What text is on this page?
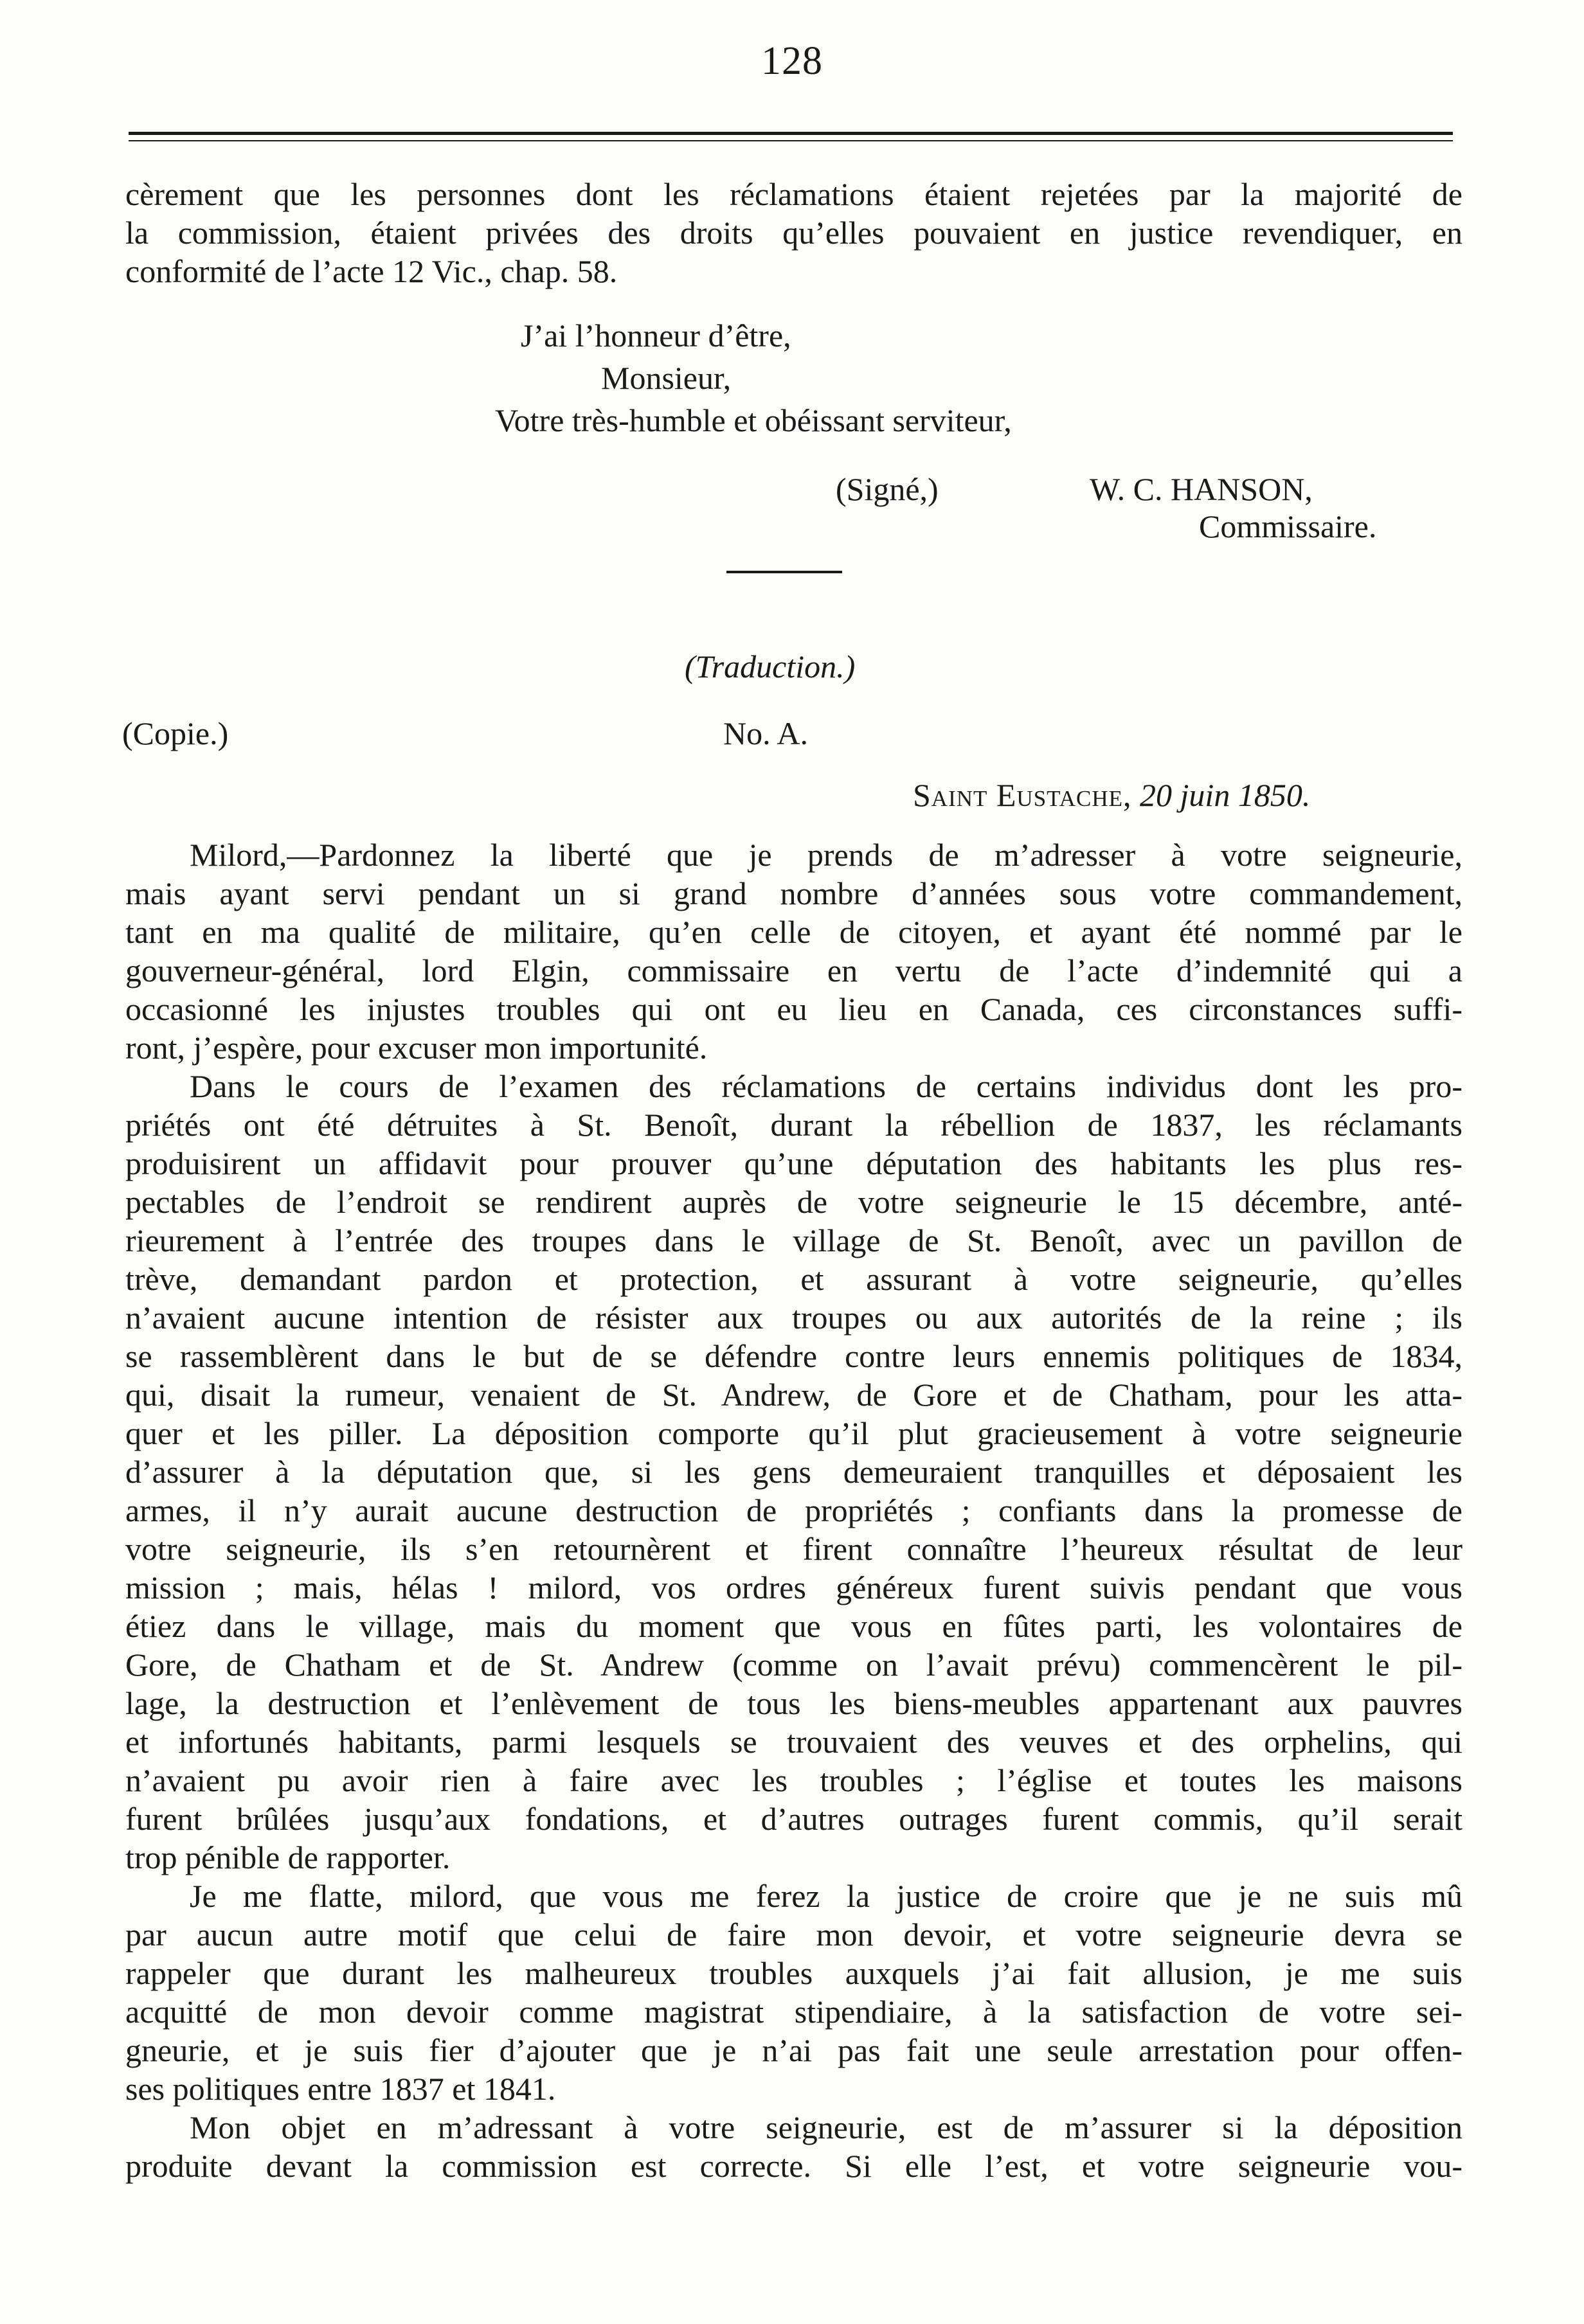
128
cèrement que les personnes dont les réclamations étaient rejetées par la majorité de
la commission, étaient privées des droits qu’elles pouvaient en justice revendiquer, en
conformité de l’acte 12 Vic., chap. 58.
J’ai l’honneur d’être,
Monsieur,
Votre très-humble et obéissant serviteur,
(Signé,)	W. C. HANSON,
Commissaire.
(Traduction.)
(Copie.)	No. A.
Saint Eustache, 20 juin 1850.
Milord,—Pardonnez la liberté que je prends de m’adresser à votre seigneurie,
mais ayant servi pendant un si grand nombre d’années sous votre commandement,
tant en ma qualité de militaire, qu’en celle de citoyen, et ayant été nommé par le
gouverneur-général, lord Elgin, commissaire en vertu de l’acte d’indemnité qui a
occasionné les injustes troubles qui ont eu lieu en Canada, ces circonstances suffi-
ront, j’espère, pour excuser mon importunité.
Dans le cours de l’examen des réclamations de certains individus dont les pro-
priétés ont été détruites à St. Benoît, durant la rébellion de 1837, les réclamants
produisirent un affidavit pour prouver qu’une députation des habitants les plus res-
pectables de l’endroit se rendirent auprès de votre seigneurie le 15 décembre, anté-
rieurement à l’entrée des troupes dans le village de St. Benoît, avec un pavillon de
trève, demandant pardon et protection, et assurant à votre seigneurie, qu’elles
n’avaient aucune intention de résister aux troupes ou aux autorités de la reine ; ils
se rassemblèrent dans le but de se défendre contre leurs ennemis politiques de 1834,
qui, disait la rumeur, venaient de St. Andrew, de Gore et de Chatham, pour les atta-
quer et les piller. La déposition comporte qu’il plut gracieusement à votre seigneurie
d’assurer à la députation que, si les gens demeuraient tranquilles et déposaient les
armes, il n’y aurait aucune destruction de propriétés ; confiants dans la promesse de
votre seigneurie, ils s’en retournèrent et firent connaître l’heureux résultat de leur
mission ; mais, hélas ! milord, vos ordres généreux furent suivis pendant que vous
étiez dans le village, mais du moment que vous en fûtes parti, les volontaires de
Gore, de Chatham et de St. Andrew (comme on l’avait prévu) commencèrent le pil-
lage, la destruction et l’enlèvement de tous les biens-meubles appartenant aux pauvres
et infortunés habitants, parmi lesquels se trouvaient des veuves et des orphelins, qui
n’avaient pu avoir rien à faire avec les troubles ; l’église et toutes les maisons
furent brûlées jusqu’aux fondations, et d’autres outrages furent commis, qu’il serait
trop pénible de rapporter.
Je me flatte, milord, que vous me ferez la justice de croire que je ne suis mû
par aucun autre motif que celui de faire mon devoir, et votre seigneurie devra se
rappeler que durant les malheureux troubles auxquels j’ai fait allusion, je me suis
acquitté de mon devoir comme magistrat stipendiaire, à la satisfaction de votre sei-
gneurie, et je suis fier d’ajouter que je n’ai pas fait une seule arrestation pour offen-
ses politiques entre 1837 et 1841.
Mon objet en m’adressant à votre seigneurie, est de m’assurer si la déposition
produite devant la commission est correcte. Si elle l’est, et votre seigneurie vou-
